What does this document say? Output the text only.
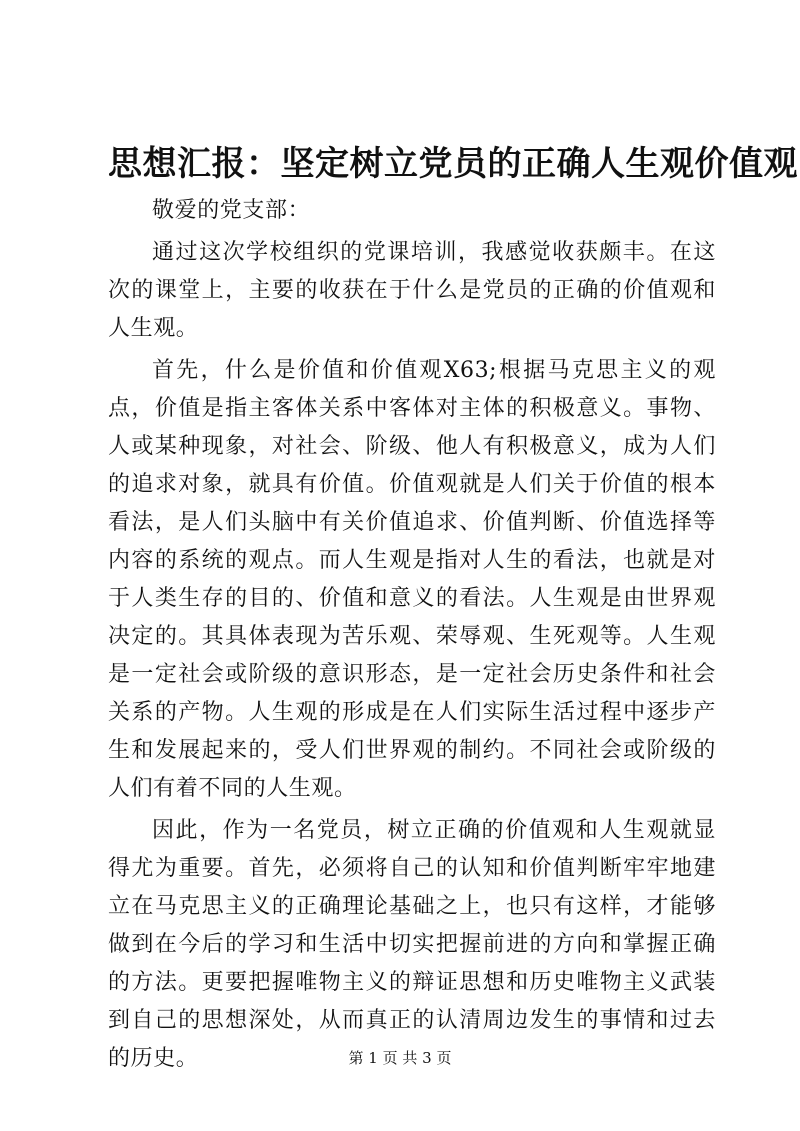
思想汇报：坚定树立党员的正确人生观价值观

敬爱的党支部：

通过这次学校组织的党课培训，我感觉收获颇丰。在这次的课堂上，主要的收获在于什么是党员的正确的价值观和人生观。

首先，什么是价值和价值观X63;根据马克思主义的观点，价值是指主客体关系中客体对主体的积极意义。事物、人或某种现象，对社会、阶级、他人有积极意义，成为人们的追求对象，就具有价值。价值观就是人们关于价值的根本看法，是人们头脑中有关价值追求、价值判断、价值选择等内容的系统的观点。而人生观是指对人生的看法，也就是对于人类生存的目的、价值和意义的看法。人生观是由世界观决定的。其具体表现为苦乐观、荣辱观、生死观等。人生观是一定社会或阶级的意识形态，是一定社会历史条件和社会关系的产物。人生观的形成是在人们实际生活过程中逐步产生和发展起来的，受人们世界观的制约。不同社会或阶级的人们有着不同的人生观。

因此，作为一名党员，树立正确的价值观和人生观就显得尤为重要。首先，必须将自己的认知和价值判断牢牢地建立在马克思主义的正确理论基础之上，也只有这样，才能够做到在今后的学习和生活中切实把握前进的方向和掌握正确的方法。更要把握唯物主义的辩证思想和历史唯物主义武装到自己的思想深处，从而真正的认清周边发生的事情和过去的历史。	第 1 页 共 3 页
